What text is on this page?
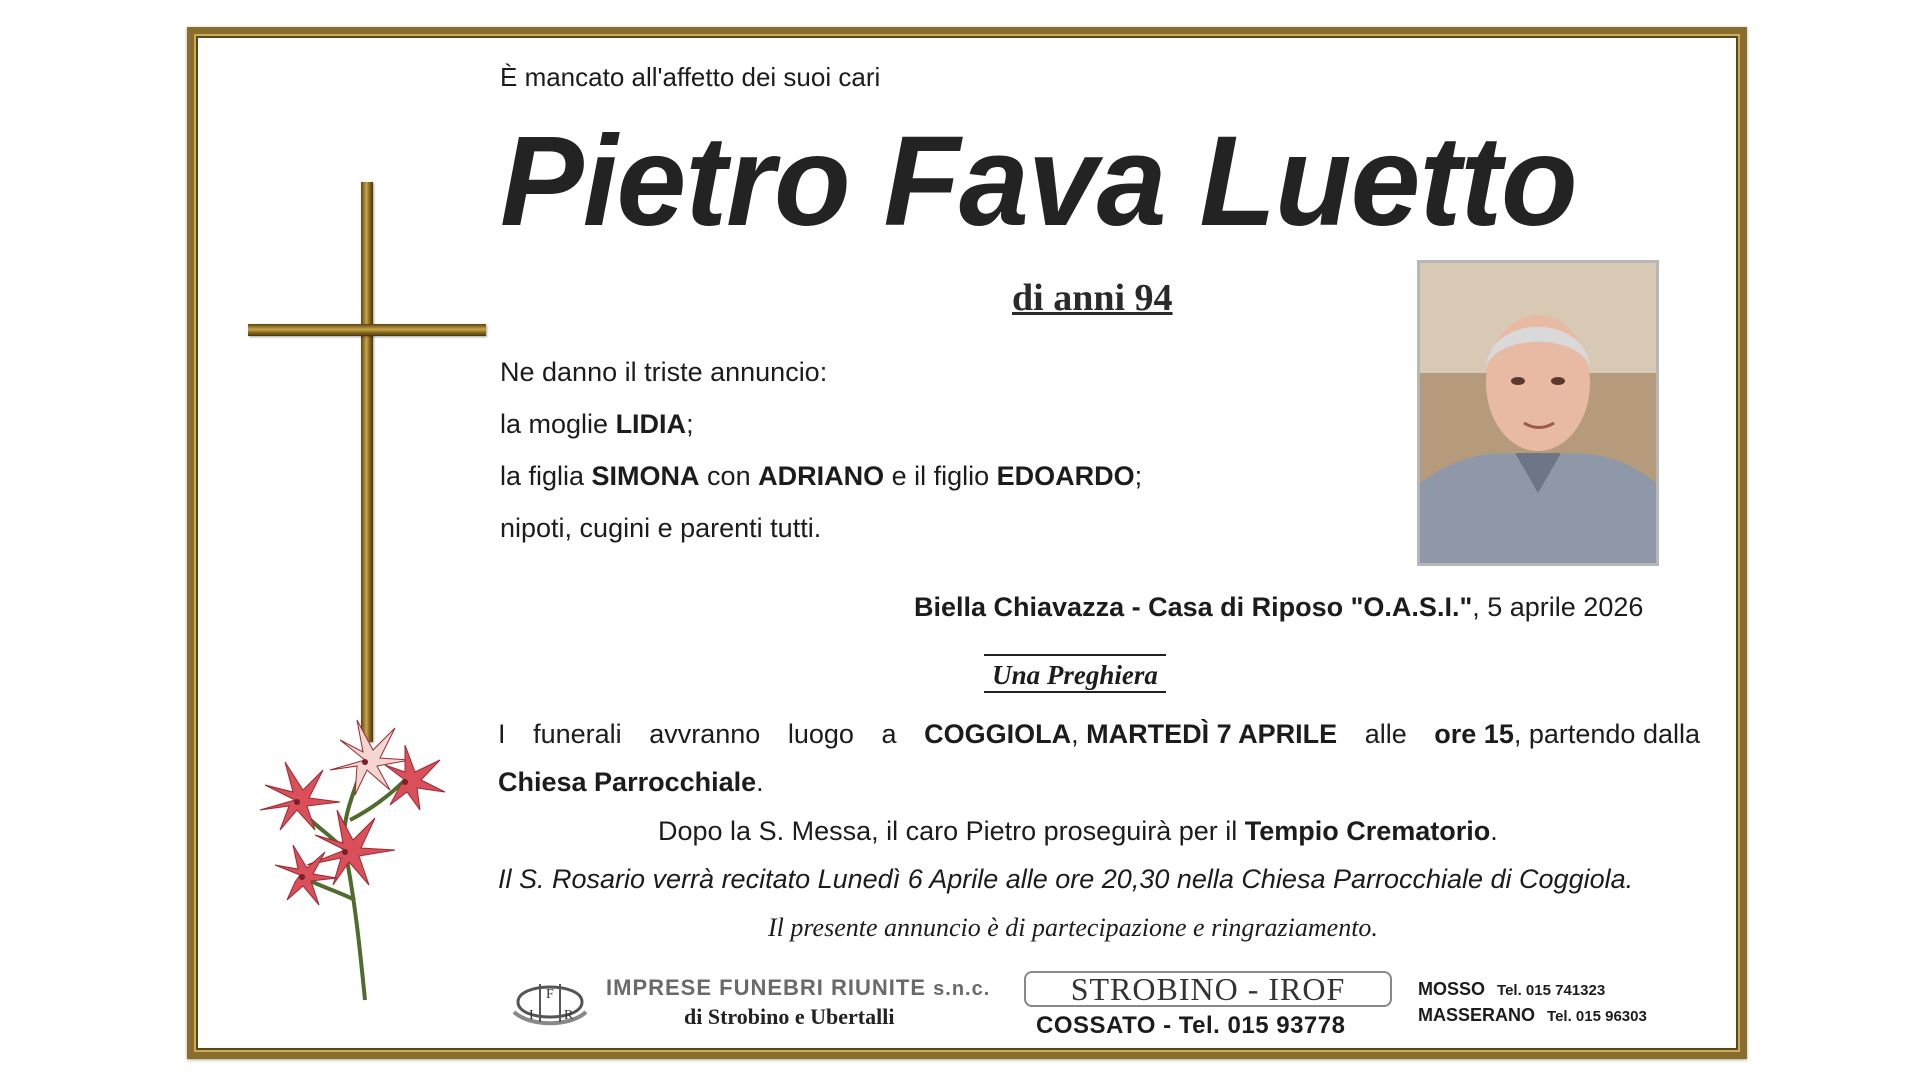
È mancato all'affetto dei suoi cari
Pietro Fava Luetto
di anni 94
Ne danno il triste annuncio:
la moglie LIDIA;
la figlia SIMONA con ADRIANO e il figlio EDOARDO;
nipoti, cugini e parenti tutti.
Biella Chiavazza - Casa di Riposo "O.A.S.I.", 5 aprile 2026
Una Preghiera
I funerali avvranno luogo a COGGIOLA, MARTEDÌ 7 APRILE alle ore 15, partendo dalla
Chiesa Parrocchiale.
Dopo la S. Messa, il caro Pietro proseguirà per il Tempio Crematorio.
Il S. Rosario verrà recitato Lunedì 6 Aprile alle ore 20,30 nella Chiesa Parrocchiale di Coggiola.
Il presente annuncio è di partecipazione e ringraziamento.
I
F
R
IMPRESE FUNEBRI RIUNITE s.n.c.
di Strobino e Ubertalli
STROBINO - IROF
COSSATO - Tel. 015 93778
MOSSO Tel. 015 741323
MASSERANO Tel. 015 96303
